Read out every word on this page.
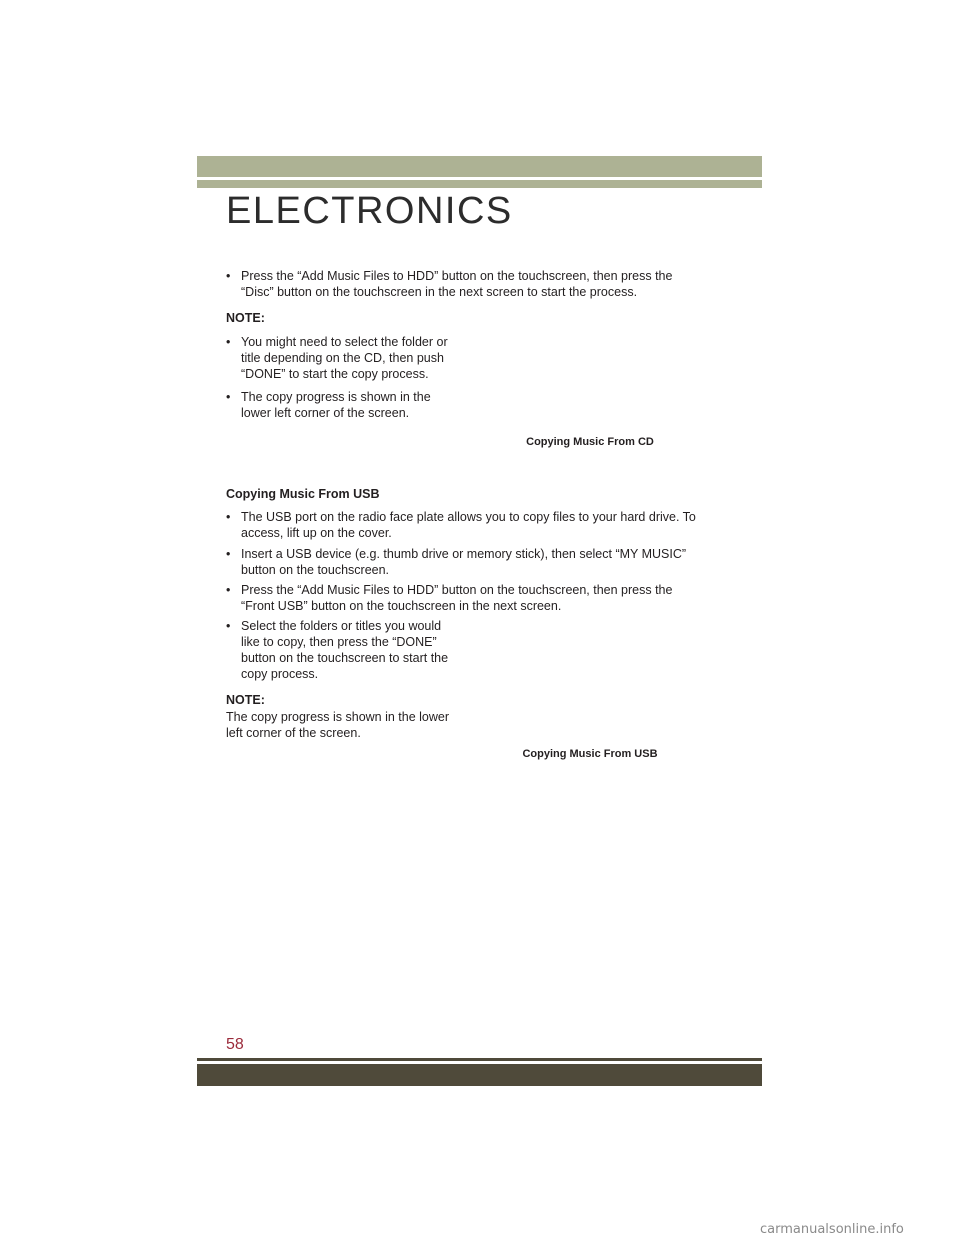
ELECTRONICS
• Press the “Add Music Files to HDD” button on the touchscreen, then press the
“Disc” button on the touchscreen in the next screen to start the process.
NOTE:
• You might need to select the folder or
title depending on the CD, then push
“DONE” to start the copy process.
• The copy progress is shown in the
lower left corner of the screen.
Copying Music From CD
Copying Music From USB
• The USB port on the radio face plate allows you to copy files to your hard drive. To
access, lift up on the cover.
• Insert a USB device (e.g. thumb drive or memory stick), then select “MY MUSIC”
button on the touchscreen.
• Press the “Add Music Files to HDD” button on the touchscreen, then press the
“Front USB” button on the touchscreen in the next screen.
• Select the folders or titles you would
like to copy, then press the “DONE”
button on the touchscreen to start the
copy process.
NOTE:
The copy progress is shown in the lower
left corner of the screen.
Copying Music From USB
58
carmanualsonline.info
